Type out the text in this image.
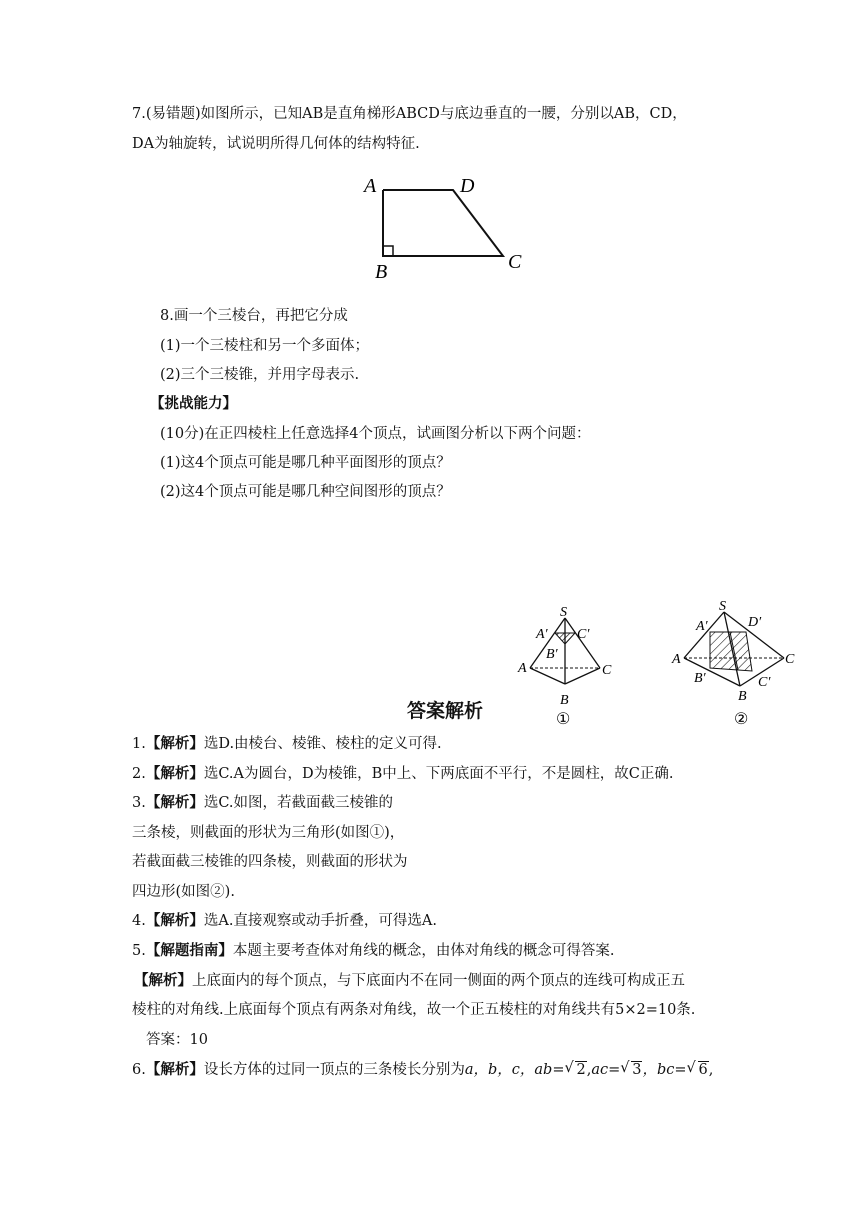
7.(易错题)如图所示，已知AB是直角梯形ABCD与底边垂直的一腰，分别以AB，CD，
DA为轴旋转，试说明所得几何体的结构特征.
A	D
B	C
8.画一个三棱台，再把它分成
(1)一个三棱柱和另一个多面体；
(2)三个三棱锥，并用字母表示.
【挑战能力】
(10分)在正四棱柱上任意选择4个顶点，试画图分析以下两个问题：
(1)这4个顶点可能是哪几种平面图形的顶点？
(2)这4个顶点可能是哪几种空间图形的顶点？
S
A′ C′
B′
A	C
B
①
S
A′	D′
A	C
B′	C′
B
②
答案解析
1.【解析】选D.由棱台、棱锥、棱柱的定义可得.
2.【解析】选C.A为圆台，D为棱锥，B中上、下两底面不平行，不是圆柱，故C正确.
3.【解析】选C.如图，若截面截三棱锥的
三条棱，则截面的形状为三角形(如图①)，
若截面截三棱锥的四条棱，则截面的形状为
四边形(如图②).
4.【解析】选A.直接观察或动手折叠，可得选A.
5.【解题指南】本题主要考查体对角线的概念，由体对角线的概念可得答案.
【解析】上底面内的每个顶点，与下底面内不在同一侧面的两个顶点的连线可构成正五
棱柱的对角线.上底面每个顶点有两条对角线，故一个正五棱柱的对角线共有5×2=10条.
答案：10
6.【解析】设长方体的过同一顶点的三条棱长分别为a，b，c，ab= √ 2,ac= √ 3，bc= √ 6,
